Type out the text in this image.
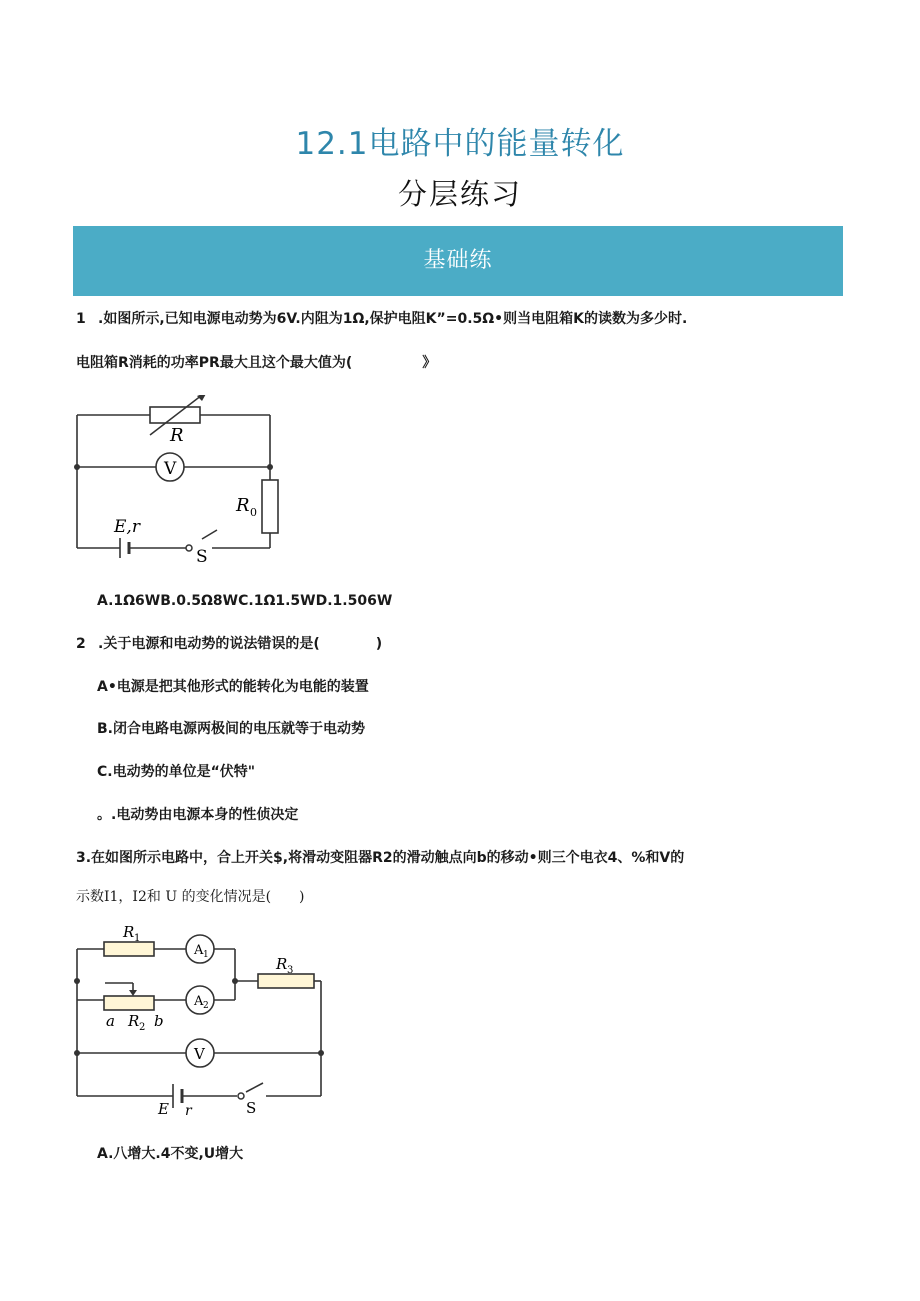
12.1电路中的能量转化
分层练习
基础练
1 .如图所示,已知电源电动势为6V.内阻为1Ω,保护电阻K”=0.5Ω•则当电阻箱K的读数为多少时.
电阻箱R消耗的功率PR最大且这个最大值为(　　　　　》
R
V
R 0
E,r
S
A.1Ω6WB.0.5Ω8WC.1Ω1.5WD.1.506W
2 .关于电源和电动势的说法错误的是(　　　　)
A•电源是把其他形式的能转化为电能的装置
B.闭合电路电源两极间的电压就等于电动势
C.电动势的单位是“伏特"
。.电动势由电源本身的性侦决定
3.在如图所示电路中，合上开关$,将滑动变阻器R2的滑动触点向b的移动•则三个电衣4、%和V的
示数I1，I2和 U 的变化情况是(　　)
R 1
A 1
A 2
V
R 3
a R 2 b
E r	S
A.八增大.4不变,U增大
